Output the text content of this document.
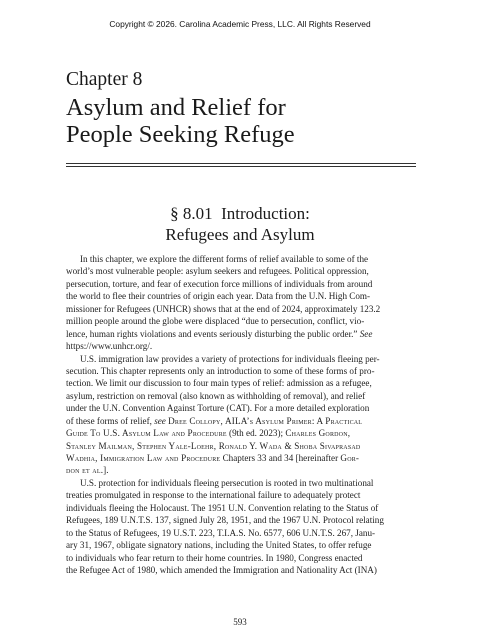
Copyright © 2026. Carolina Academic Press, LLC. All Rights Reserved
Chapter 8
Asylum and Relief for
People Seeking Refuge
§ 8.01  Introduction:
Refugees and Asylum
In this chapter, we explore the different forms of relief available to some of the
world’s most vulnerable people: asylum seekers and refugees. Political oppression,
persecution, torture, and fear of execution force millions of individuals from around
the world to flee their countries of origin each year. Data from the U.N. High Com-
missioner for Refugees (UNHCR) shows that at the end of 2024, approximately 123.2
million people around the globe were displaced “due to persecution, conflict, vio-
lence, human rights violations and events seriously disturbing the public order.” See
https://www.unhcr.org/.
U.S. immigration law provides a variety of protections for individuals fleeing per-
secution. This chapter represents only an introduction to some of these forms of pro-
tection. We limit our discussion to four main types of relief: admission as a refugee,
asylum, restriction on removal (also known as withholding of removal), and relief
under the U.N. Convention Against Torture (CAT). For a more detailed exploration
of these forms of relief, see Dree Collopy, AILA’s Asylum Primer: A Practical
Guide To U.S. Asylum Law and Procedure (9th ed. 2023); Charles Gordon,
Stanley Mailman, Stephen Yale-Loehr, Ronald Y. Wada & Shoba Sivaprasad
Wadhia, Immigration Law and Procedure Chapters 33 and 34 [hereinafter Gor-
don et al.].
U.S. protection for individuals fleeing persecution is rooted in two multinational
treaties promulgated in response to the international failure to adequately protect
individuals fleeing the Holocaust. The 1951 U.N. Convention relating to the Status of
Refugees, 189 U.N.T.S. 137, signed July 28, 1951, and the 1967 U.N. Protocol relating
to the Status of Refugees, 19 U.S.T. 223, T.I.A.S. No. 6577, 606 U.N.T.S. 267, Janu-
ary 31, 1967, obligate signatory nations, including the United States, to offer refuge
to individuals who fear return to their home countries. In 1980, Congress enacted
the Refugee Act of 1980, which amended the Immigration and Nationality Act (INA)
593
